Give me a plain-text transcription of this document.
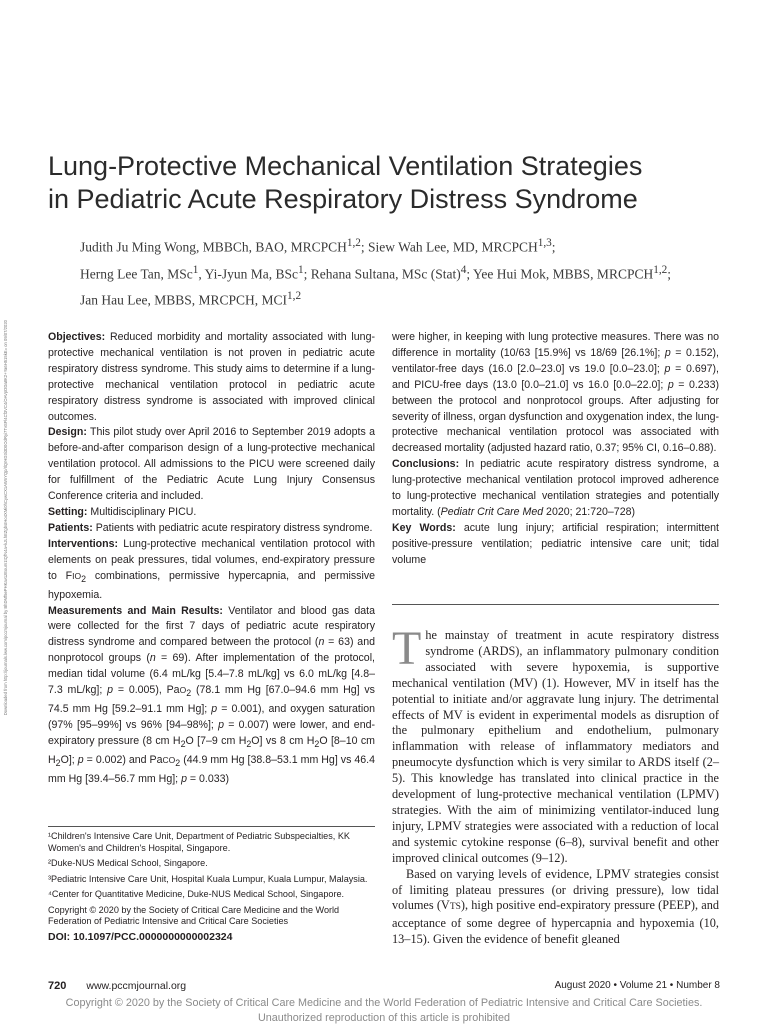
Lung-Protective Mechanical Ventilation Strategies
in Pediatric Acute Respiratory Distress Syndrome
Judith Ju Ming Wong, MBBCh, BAO, MRCPCH$^{1,2}$; Siew Wah Lee, MD, MRCPCH$^{1,3}$;
Herng Lee Tan, MSc$^1$, Yi-Jyun Ma, BSc$^1$; Rehana Sultana, MSc (Stat)$^4$; Yee Hui Mok, MBBS, MRCPCH$^{1,2}$;
Jan Hau Lee, MBBS, MRCPCH, MCI$^{1,2}$
Downloaded from http://journals.lww.com/pccmjournal by BhDMf5ePHKav1zEoum1tQfN4a+kJLhEZgbsIHo4XMi0hCywCX1AWnYQp/IlQrHD3i3D0OdRyi7TvSFl4Cf3VC4/OAVpDDa8K2+Ya6H515kE= on 09/07/2020	Objectives: Reduced morbidity and mortality associated with lung-protective mechanical ventilation is not proven in pediatric acute respiratory distress syndrome. This study aims to determine if a lung-protective mechanical ventilation protocol in pediatric acute respiratory distress syndrome is associated with improved clinical outcomes.

Design: This pilot study over April 2016 to September 2019 adopts a before-and-after comparison design of a lung-protective mechanical ventilation protocol. All admissions to the PICU were screened daily for fulfillment of the Pediatric Acute Lung Injury Consensus Conference criteria and included.

Setting: Multidisciplinary PICU.

Patients: Patients with pediatric acute respiratory distress syndrome.

Interventions: Lung-protective mechanical ventilation protocol with elements on peak pressures, tidal volumes, end-expiratory pressure to $FIO_2$ combinations, permissive hypercapnia, and permissive hypoxemia.

Measurements and Main Results: Ventilator and blood gas data were collected for the first 7 days of pediatric acute respiratory distress syndrome and compared between the protocol (n = 63) and nonprotocol groups (n = 69). After implementation of the protocol, median tidal volume (6.4 mL/kg [5.4–7.8 mL/kg] vs 6.0 mL/kg [4.8–7.3 mL/kg]; p = 0.005), PaO$_2$ (78.1 mm Hg [67.0–94.6 mm Hg] vs 74.5 mm Hg [59.2–91.1 mm Hg]; p = 0.001), and oxygen saturation (97% [95–99%] vs 96% [94–98%]; p = 0.007) were lower, and end-expiratory pressure (8 cm $H_2O$ [7–9 cm $H_2O$] vs 8 cm $H_2O$ [8–10 cm $H_2O$]; p = 0.002) and PaCO$_2$ (44.9 mm Hg [38.8–53.1 mm Hg] vs 46.4 mm Hg [39.4–56.7 mm Hg]; p = 0.033)

were higher, in keeping with lung protective measures. There was no difference in mortality (10/63 [15.9%] vs 18/69 [26.1%]; p = 0.152), ventilator-free days (16.0 [2.0–23.0] vs 19.0 [0.0–23.0]; p = 0.697), and PICU-free days (13.0 [0.0–21.0] vs 16.0 [0.0–22.0]; p = 0.233) between the protocol and nonprotocol groups. After adjusting for severity of illness, organ dysfunction and oxygenation index, the lung-protective mechanical ventilation protocol was associated with decreased mortality (adjusted hazard ratio, 0.37; 95% CI, 0.16–0.88).

Conclusions: In pediatric acute respiratory distress syndrome, a lung-protective mechanical ventilation protocol improved adherence to lung-protective mechanical ventilation strategies and potentially mortality. (Pediatr Crit Care Med 2020; 21:720–728)

Key Words: acute lung injury; artificial respiration; intermittent positive-pressure ventilation; pediatric intensive care unit; tidal volume

The mainstay of treatment in acute respiratory distress syndrome (ARDS), an inflammatory pulmonary condition associated with severe hypoxemia, is supportive mechanical ventilation (MV) (1). However, MV in itself has the potential to initiate and/or aggravate lung injury. The detrimental effects of MV is evident in experimental models as disruption of the pulmonary epithelium and endothelium, pulmonary inflammation with release of inflammatory mediators and pneumocyte dysfunction which is very similar to ARDS itself (2–5). This knowledge has translated into clinical practice in the development of lung-protective mechanical ventilation (LPMV) strategies. With the aim of minimizing ventilator-induced lung injury, LPMV strategies were associated with a reduction of local and systemic cytokine response (6–8), survival benefit and other improved clinical outcomes (9–12).

Based on varying levels of evidence, LPMV strategies consist of limiting plateau pressures (or driving pressure), low tidal volumes (VTS), high positive end-expiratory pressure (PEEP), and acceptance of some degree of hypercapnia and hypoxemia (10, 13–15). Given the evidence of benefit gleaned

¹Children's Intensive Care Unit, Department of Pediatric Subspecialties, KK Women's and Children's Hospital, Singapore.

²Duke-NUS Medical School, Singapore.

³Pediatric Intensive Care Unit, Hospital Kuala Lumpur, Kuala Lumpur, Malaysia.

⁴Center for Quantitative Medicine, Duke-NUS Medical School, Singapore.

Copyright © 2020 by the Society of Critical Care Medicine and the World Federation of Pediatric Intensive and Critical Care Societies

DOI: 10.1097/PCC.0000000000002324

720 www.pccmjournal.org	August 2020 • Volume 21 • Number 8
Copyright © 2020 by the Society of Critical Care Medicine and the World Federation of Pediatric Intensive and Critical Care Societies.
Unauthorized reproduction of this article is prohibited
